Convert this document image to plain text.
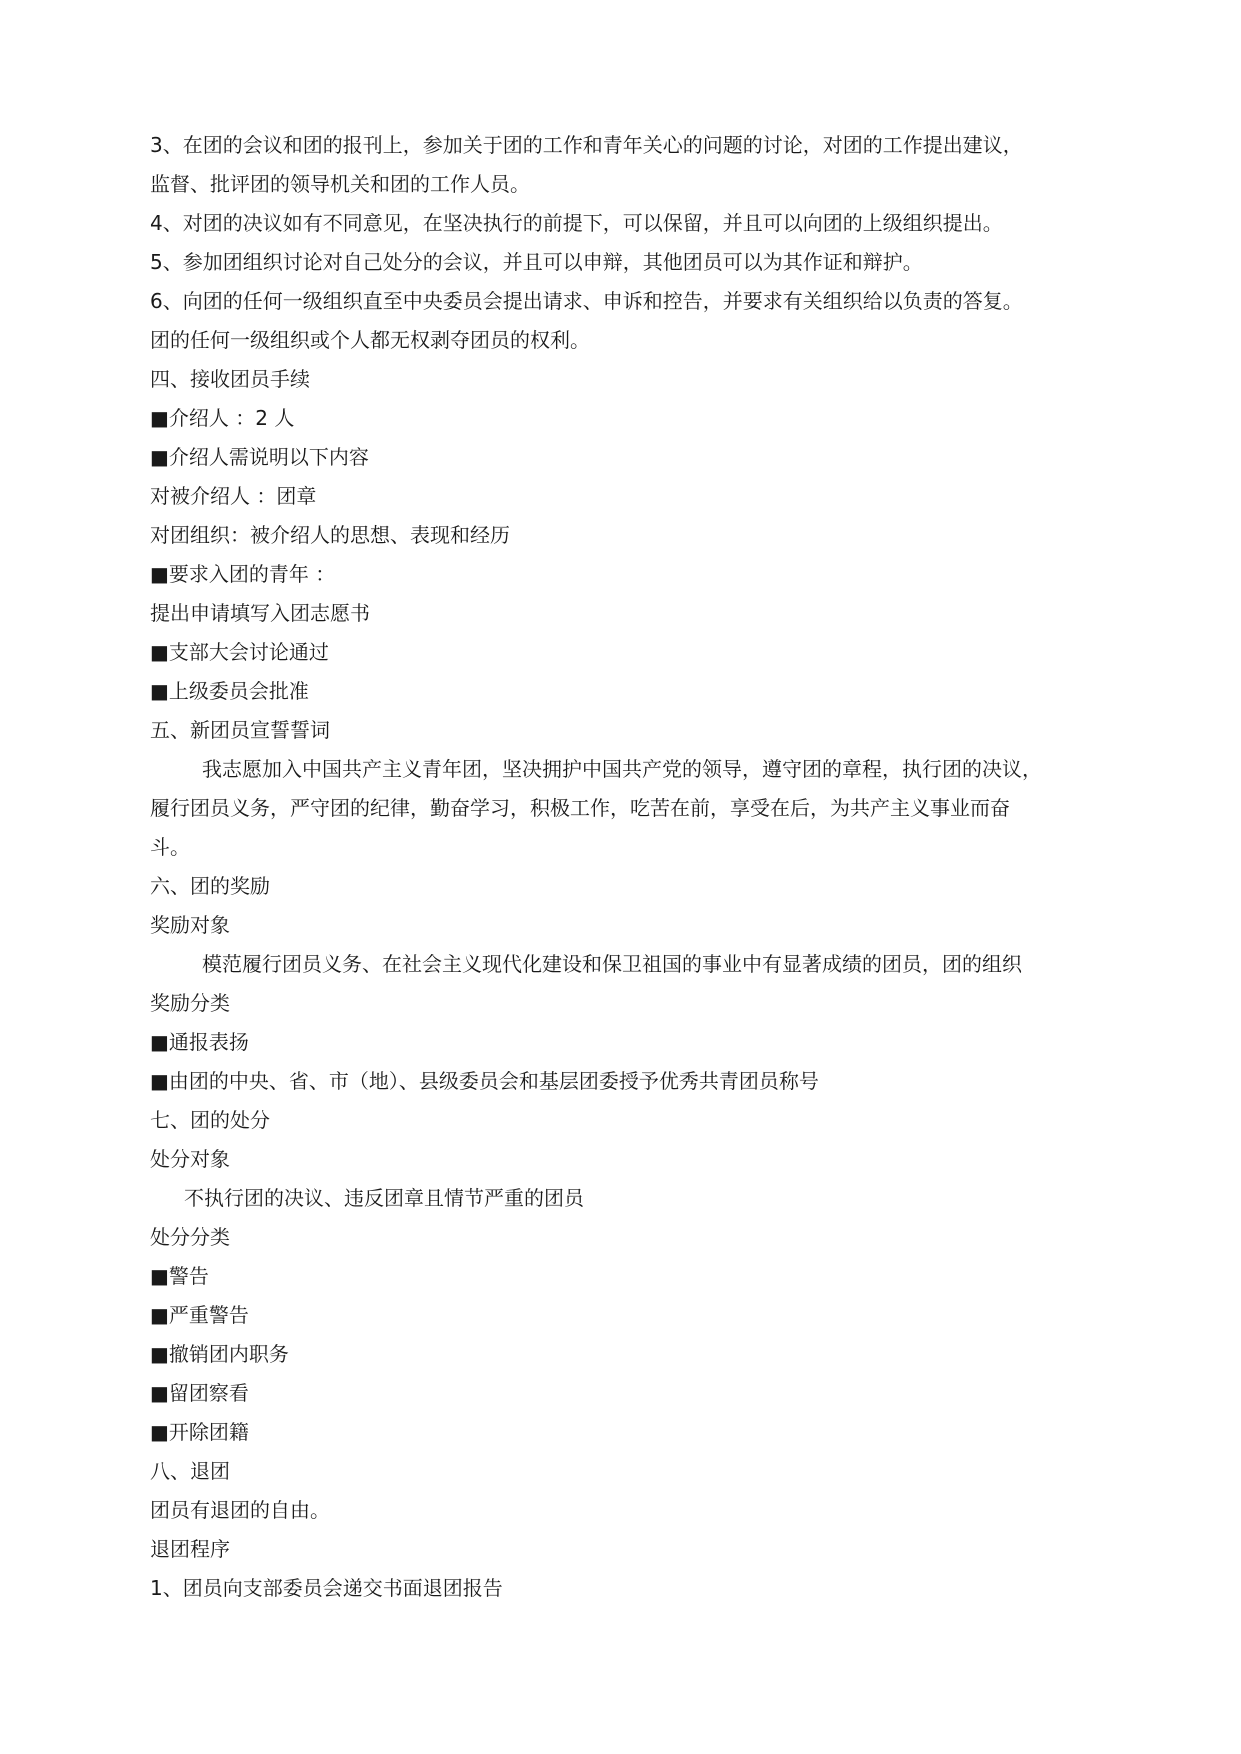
3、在团的会议和团的报刊上，参加关于团的工作和青年关心的问题的讨论，对团的工作提出建议，
监督、批评团的领导机关和团的工作人员。
4、对团的决议如有不同意见，在坚决执行的前提下，可以保留，并且可以向团的上级组织提出。
5、参加团组织讨论对自己处分的会议，并且可以申辩，其他团员可以为其作证和辩护。
6、向团的任何一级组织直至中央委员会提出请求、申诉和控告，并要求有关组织给以负责的答复。
团的任何一级组织或个人都无权剥夺团员的权利。
四、接收团员手续
■介绍人 ：2 人
■介绍人需说明以下内容
对被介绍人 ：团章
对团组织：被介绍人的思想、表现和经历
■要求入团的青年 ：
提出申请填写入团志愿书
■支部大会讨论通过
■上级委员会批准
五、新团员宣誓誓词
我志愿加入中国共产主义青年团，坚决拥护中国共产党的领导，遵守团的章程，执行团的决议，
履行团员义务，严守团的纪律，勤奋学习，积极工作，吃苦在前，享受在后，为共产主义事业而奋
斗。
六、团的奖励
奖励对象
模范履行团员义务、在社会主义现代化建设和保卫祖国的事业中有显著成绩的团员，团的组织
奖励分类
■通报表扬
■由团的中央、省、市（地）、县级委员会和基层团委授予优秀共青团员称号
七、团的处分
处分对象
不执行团的决议、违反团章且情节严重的团员
处分分类
■警告
■严重警告
■撤销团内职务
■留团察看
■开除团籍
八、退团
团员有退团的自由。
退团程序
1、团员向支部委员会递交书面退团报告
